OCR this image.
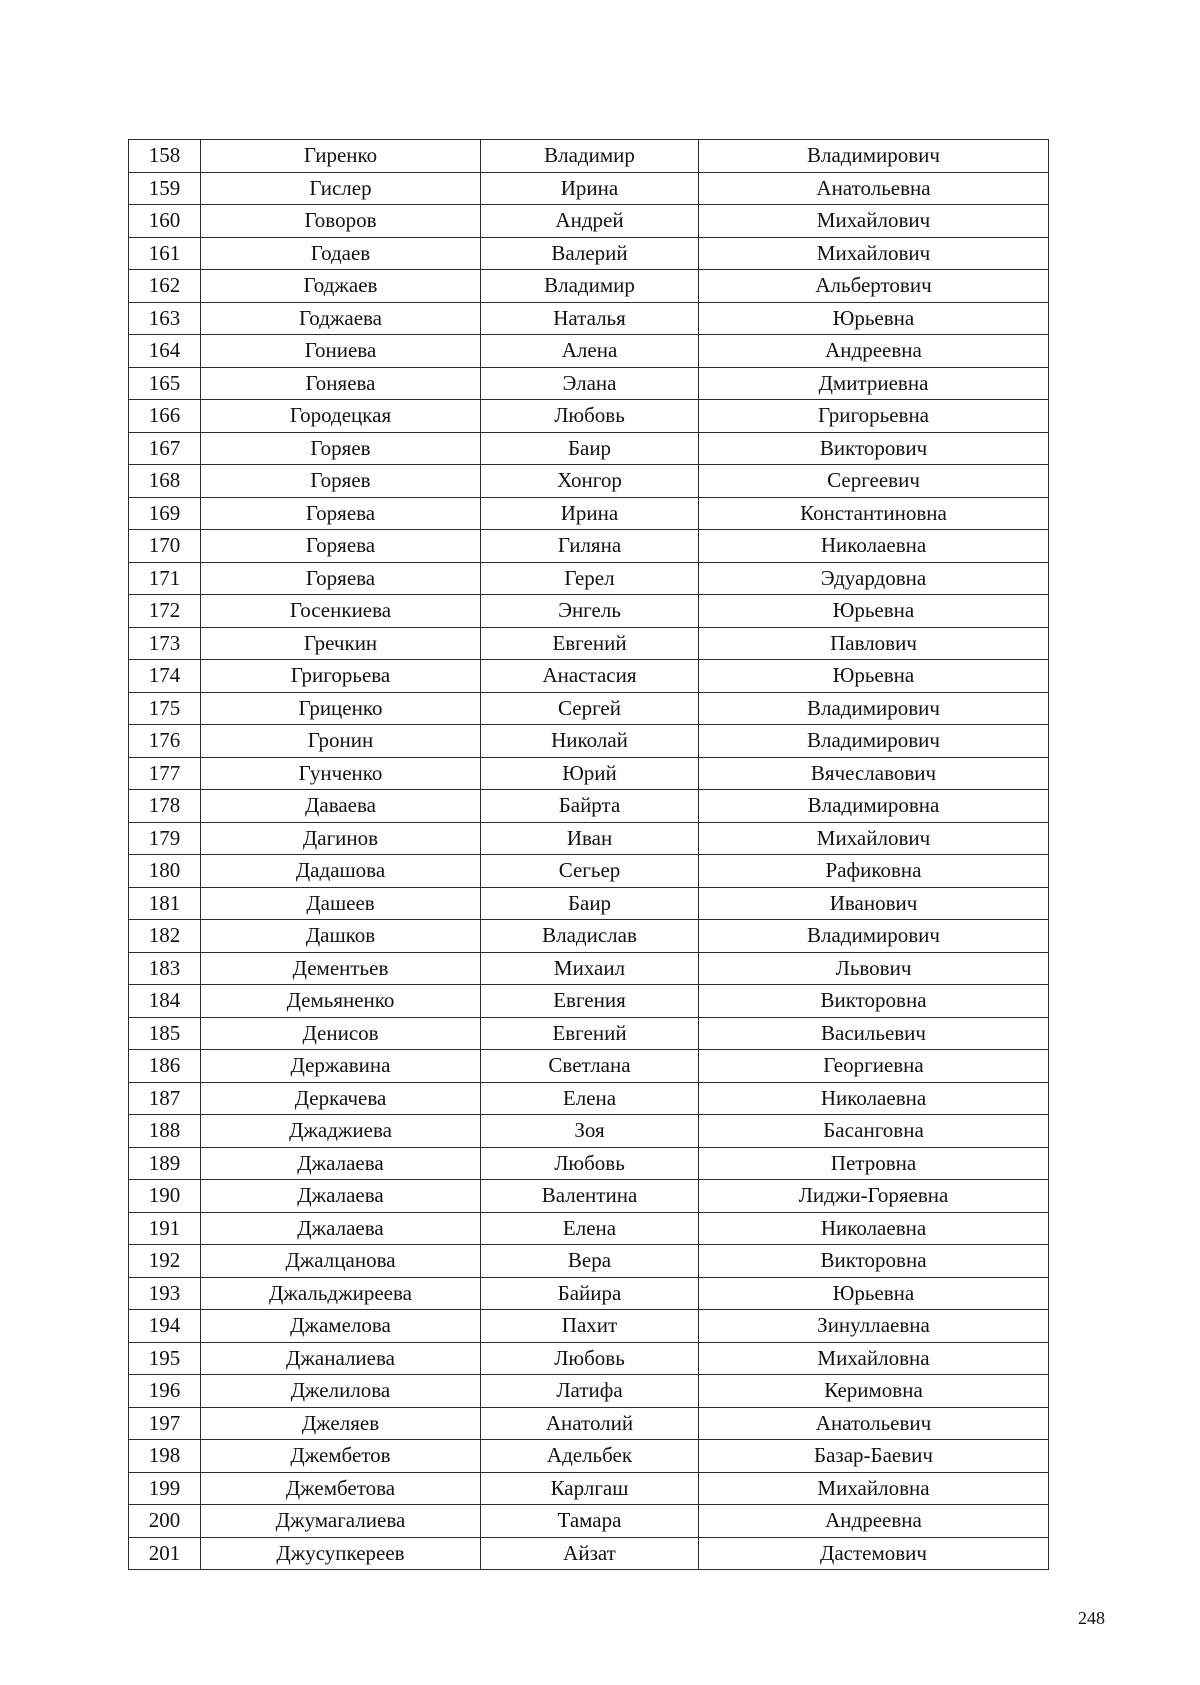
158	Гиренко	Владимир	Владимирович
159	Гислер	Ирина	Анатольевна
160	Говоров	Андрей	Михайлович
161	Годаев	Валерий	Михайлович
162	Годжаев	Владимир	Альбертович
163	Годжаева	Наталья	Юрьевна
164	Гониева	Алена	Андреевна
165	Гоняева	Элана	Дмитриевна
166	Городецкая	Любовь	Григорьевна
167	Горяев	Баир	Викторович
168	Горяев	Хонгор	Сергеевич
169	Горяева	Ирина	Константиновна
170	Горяева	Гиляна	Николаевна
171	Горяева	Герел	Эдуардовна
172	Госенкиева	Энгель	Юрьевна
173	Гречкин	Евгений	Павлович
174	Григорьева	Анастасия	Юрьевна
175	Гриценко	Сергей	Владимирович
176	Гронин	Николай	Владимирович
177	Гунченко	Юрий	Вячеславович
178	Даваева	Байрта	Владимировна
179	Дагинов	Иван	Михайлович
180	Дадашова	Сегьер	Рафиковна
181	Дашеев	Баир	Иванович
182	Дашков	Владислав	Владимирович
183	Дементьев	Михаил	Львович
184	Демьяненко	Евгения	Викторовна
185	Денисов	Евгений	Васильевич
186	Державина	Светлана	Георгиевна
187	Деркачева	Елена	Николаевна
188	Джаджиева	Зоя	Басанговна
189	Джалаева	Любовь	Петровна
190	Джалаева	Валентина	Лиджи-Горяевна
191	Джалаева	Елена	Николаевна
192	Джалцанова	Вера	Викторовна
193	Джальджиреева	Байира	Юрьевна
194	Джамелова	Пахит	Зинуллаевна
195	Джаналиева	Любовь	Михайловна
196	Джелилова	Латифа	Керимовна
197	Джеляев	Анатолий	Анатольевич
198	Джембетов	Адельбек	Базар-Баевич
199	Джембетова	Карлгаш	Михайловна
200	Джумагалиева	Тамара	Андреевна
201	Джусупкереев	Айзат	Дастемович
248
